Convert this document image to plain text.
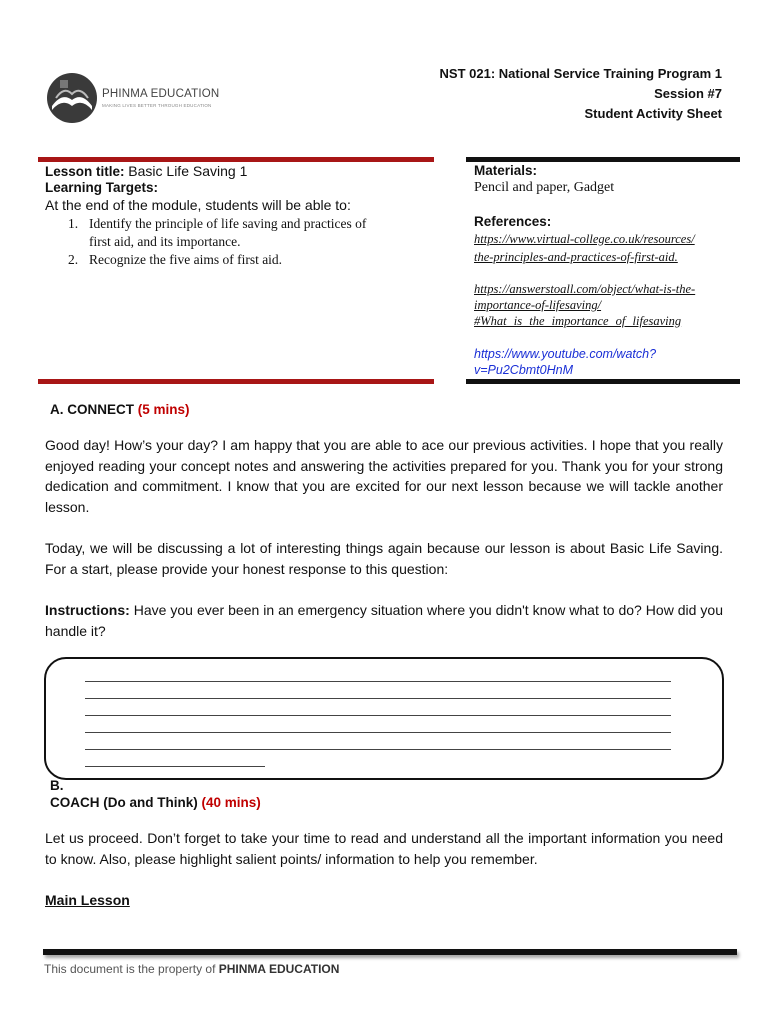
PHINMA EDUCATION
MAKING LIVES BETTER THROUGH EDUCATION
NST 021: National Service Training Program 1
Session #7
Student Activity Sheet
Lesson title: Basic Life Saving 1
Learning Targets:
At the end of the module, students will be able to:
1. Identify the principle of life saving and practices of
first aid, and its importance.
2. Recognize the five aims of first aid.
Materials:
Pencil and paper, Gadget
References:
https://www.virtual-college.co.uk/resources/
the-principles-and-practices-of-first-aid.
https://answerstoall.com/object/what-is-the-
importance-of-lifesaving/
#What is the importance of lifesaving
https://www.youtube.com/watch?
v=Pu2Cbmt0HnM
A. CONNECT (5 mins)
Good day! How’s your day? I am happy that you are able to ace our previous activities. I hope that you really enjoyed reading your concept notes and answering the activities prepared for you. Thank you for your strong dedication and commitment. I know that you are excited for our next lesson because we will tackle another lesson.
Today, we will be discussing a lot of interesting things again because our lesson is about Basic Life Saving. For a start, please provide your honest response to this question:
Instructions: Have you ever been in an emergency situation where you didn't know what to do? How did you handle it?
B.
COACH (Do and Think) (40 mins)
Let us proceed. Don’t forget to take your time to read and understand all the important information you need to know. Also, please highlight salient points/ information to help you remember.
Main Lesson
This document is the property of PHINMA EDUCATION
